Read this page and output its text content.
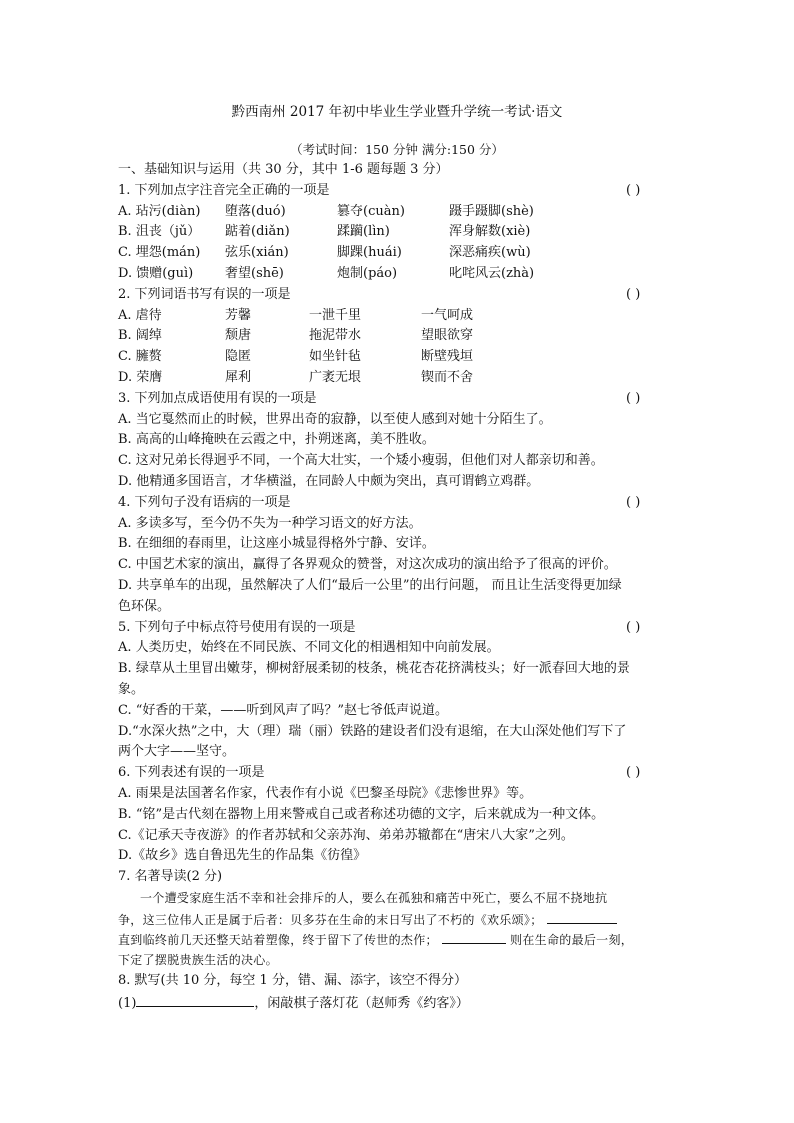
黔西南州 2017 年初中毕业生学业暨升学统一考试·语文
（考试时间：150 分钟 满分:150 分）
一、基础知识与运用（共 30 分，其中 1-6 题每题 3 分）
1. 下列加点字注音完全正确的一项是	( )
A. 玷污(diàn)	堕落(duó)	篡夺(cuàn)	蹑手蹑脚(shè)
B. 沮丧（jǔ）	踮着(diǎn)	蹂躏(lìn)	浑身解数(xiè)
C. 埋怨(mán)	弦乐(xián)	脚踝(huái)	深恶痛疾(wù)
D. 馈赠(guì)	奢望(shē)	炮制(páo)	叱咤风云(zhà)
2. 下列词语书写有误的一项是	( )
A. 虐待	芳馨	一泄千里	一气呵成
B. 阔绰	颓唐	拖泥带水	望眼欲穿
C. 臃赘	隐匿	如坐针毡	断壁残垣
D. 荣膺	犀利	广袤无垠	锲而不舍
3. 下列加点成语使用有误的一项是	( )
A. 当它戛然而止的时候，世界出奇的寂静，以至使人感到对她十分陌生了。
B. 高高的山峰掩映在云霞之中，扑朔迷离，美不胜收。
C. 这对兄弟长得迥乎不同，一个高大壮实，一个矮小瘦弱，但他们对人都亲切和善。
D. 他精通多国语言，才华横溢，在同龄人中颇为突出，真可谓鹤立鸡群。
4. 下列句子没有语病的一项是	( )
A. 多读多写，至今仍不失为一种学习语文的好方法。
B. 在细细的春雨里，让这座小城显得格外宁静、安详。
C. 中国艺术家的演出，赢得了各界观众的赞誉，对这次成功的演出给予了很高的评价。
D. 共享单车的出现，虽然解决了人们“最后一公里”的出行问题， 而且让生活变得更加绿
色环保。
5. 下列句子中标点符号使用有误的一项是	( )
A. 人类历史，始终在不同民族、不同文化的相遇相知中向前发展。
B. 绿草从土里冒出嫩芽，柳树舒展柔韧的枝条，桃花杏花挤满枝头；好一派春回大地的景
象。
C. “好香的干菜，——听到风声了吗？”赵七爷低声说道。
D.“水深火热”之中，大（理）瑞（丽）铁路的建设者们没有退缩，在大山深处他们写下了
两个大字——坚守。
6. 下列表述有误的一项是	( )
A. 雨果是法国著名作家，代表作有小说《巴黎圣母院》《悲惨世界》等。
B. “铭”是古代刻在器物上用来警戒自己或者称述功德的文字，后来就成为一种文体。
C.《记承天寺夜游》的作者苏轼和父亲苏洵、弟弟苏辙都在“唐宋八大家”之列。
D.《故乡》选自鲁迅先生的作品集《彷徨》
7. 名著导读(2 分)
一个遭受家庭生活不幸和社会排斥的人，要么在孤独和痛苦中死亡，要么不屈不挠地抗
争，这三位伟人正是属于后者：贝多芬在生命的末日写出了不朽的《欢乐颂》；
直到临终前几天还整天站着塑像，终于留下了传世的杰作；	则在生命的最后一刻，
下定了摆脱贵族生活的决心。
8. 默写(共 10 分，每空 1 分，错、漏、添字，该空不得分）
(1)	，闲敲棋子落灯花（赵师秀《约客》）
